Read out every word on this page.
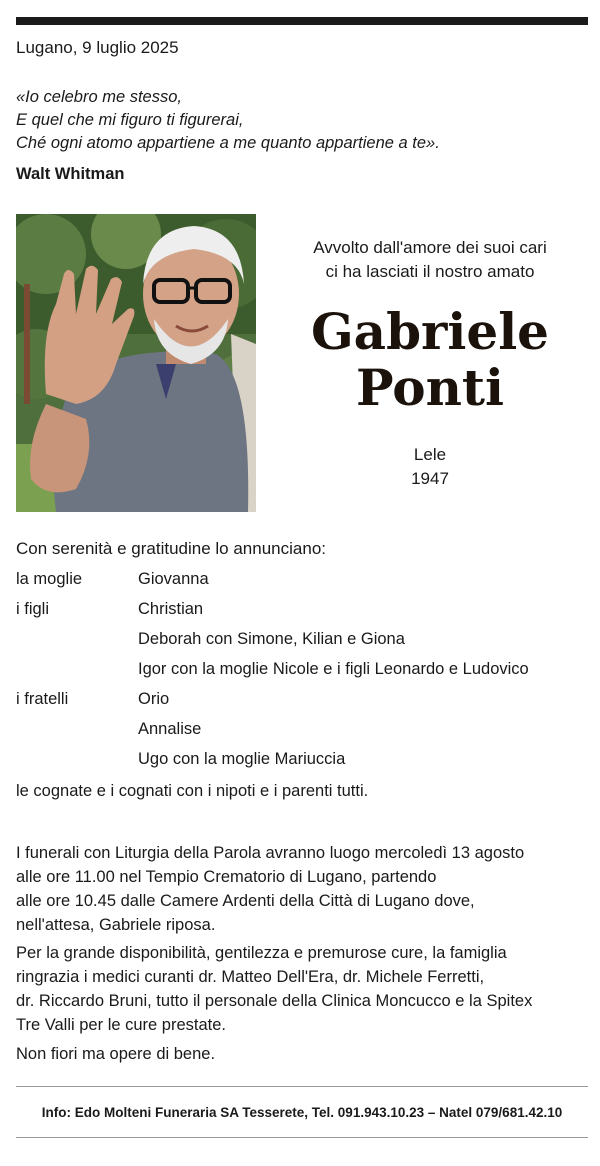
Lugano, 9 luglio 2025
«Io celebro me stesso,
E quel che mi figuro ti figurerai,
Ché ogni atomo appartiene a me quanto appartiene a te».
Walt Whitman
Avvolto dall'amore dei suoi cari
ci ha lasciati il nostro amato
Gabriele
Ponti
Lele
1947
Con serenità e gratitudine lo annunciano:
la moglie	Giovanna
i figli	Christian
Deborah con Simone, Kilian e Giona
Igor con la moglie Nicole e i figli Leonardo e Ludovico
i fratelli	Orio
Annalise
Ugo con la moglie Mariuccia
le cognate e i cognati con i nipoti e i parenti tutti.
I funerali con Liturgia della Parola avranno luogo mercoledì 13 agosto
alle ore 11.00 nel Tempio Crematorio di Lugano, partendo
alle ore 10.45 dalle Camere Ardenti della Città di Lugano dove,
nell'attesa, Gabriele riposa.
Per la grande disponibilità, gentilezza e premurose cure, la famiglia
ringrazia i medici curanti dr. Matteo Dell'Era, dr. Michele Ferretti,
dr. Riccardo Bruni, tutto il personale della Clinica Moncucco e la Spitex
Tre Valli per le cure prestate.
Non fiori ma opere di bene.
Info: Edo Molteni Funeraria SA Tesserete, Tel. 091.943.10.23 – Natel 079/681.42.10
